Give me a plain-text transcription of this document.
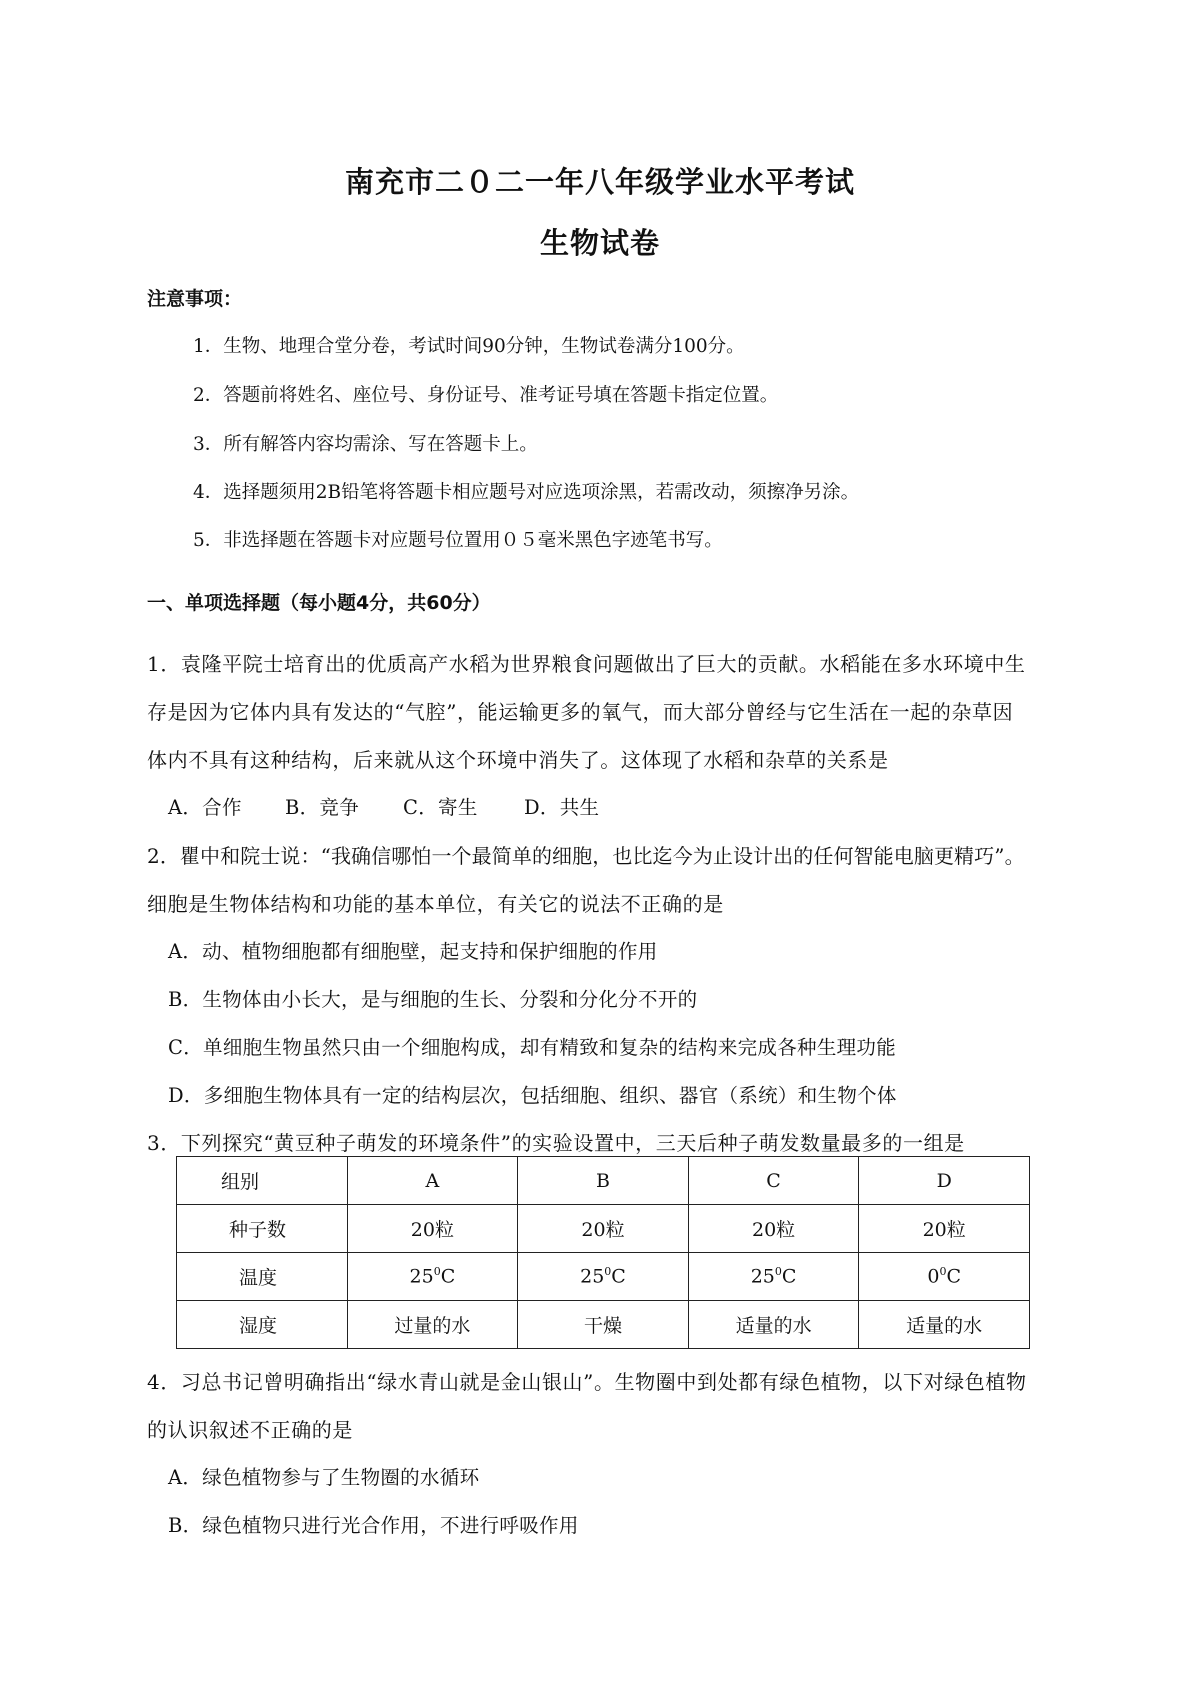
南充市二０二一年八年级学业水平考试
生物试卷
注意事项：
1．生物、地理合堂分卷，考试时间90分钟，生物试卷满分100分。
2．答题前将姓名、座位号、身份证号、准考证号填在答题卡指定位置。
3．所有解答内容均需涂、写在答题卡上。
4．选择题须用2B铅笔将答题卡相应题号对应选项涂黑，若需改动，须擦净另涂。
5．非选择题在答题卡对应题号位置用０５毫米黑色字迹笔书写。
一、单项选择题（每小题4分，共60分）
1．袁隆平院士培育出的优质高产水稻为世界粮食问题做出了巨大的贡献。水稻能在多水环境中生
存是因为它体内具有发达的“气腔”，能运输更多的氧气，而大部分曾经与它生活在一起的杂草因
体内不具有这种结构，后来就从这个环境中消失了。这体现了水稻和杂草的关系是
A．合作 B．竞争 C．寄生 D．共生
2．瞿中和院士说：“我确信哪怕一个最简单的细胞，也比迄今为止设计出的任何智能电脑更精巧”。
细胞是生物体结构和功能的基本单位，有关它的说法不正确的是
A．动、植物细胞都有细胞壁，起支持和保护细胞的作用
B．生物体由小长大，是与细胞的生长、分裂和分化分不开的
C．单细胞生物虽然只由一个细胞构成，却有精致和复杂的结构来完成各种生理功能
D．多细胞生物体具有一定的结构层次，包括细胞、组织、器官（系统）和生物个体
3．下列探究“黄豆种子萌发的环境条件”的实验设置中，三天后种子萌发数量最多的一组是
组别	A	B	C	D
种子数	20粒	20粒	20粒	20粒
温度	$25^0C$	$25^0C$	$25^0C$	$0^0C$
湿度	过量的水	干燥	适量的水	适量的水
4．习总书记曾明确指出“绿水青山就是金山银山”。生物圈中到处都有绿色植物，以下对绿色植物
的认识叙述不正确的是
A．绿色植物参与了生物圈的水循环
B．绿色植物只进行光合作用，不进行呼吸作用
